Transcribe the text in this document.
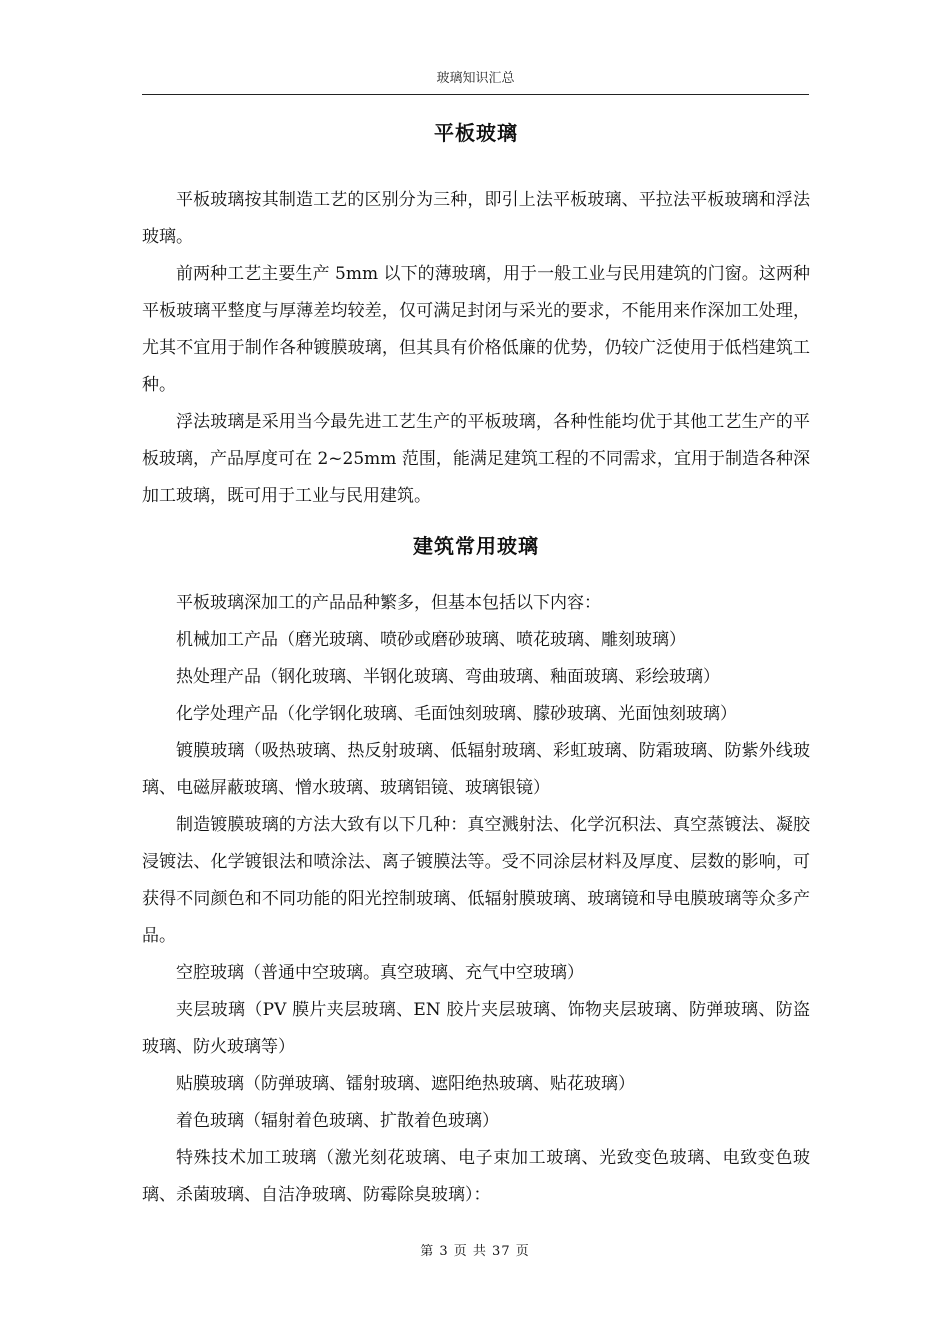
玻璃知识汇总
平板玻璃

平板玻璃按其制造工艺的区别分为三种，即引上法平板玻璃、平拉法平板玻璃和浮法玻璃。

前两种工艺主要生产 5mm 以下的薄玻璃，用于一般工业与民用建筑的门窗。这两种平板玻璃平整度与厚薄差均较差，仅可满足封闭与采光的要求，不能用来作深加工处理，尤其不宜用于制作各种镀膜玻璃，但其具有价格低廉的优势，仍较广泛使用于低档建筑工种。

浮法玻璃是采用当今最先进工艺生产的平板玻璃，各种性能均优于其他工艺生产的平板玻璃，产品厚度可在 2~25mm 范围，能满足建筑工程的不同需求，宜用于制造各种深加工玻璃，既可用于工业与民用建筑。

建筑常用玻璃

平板玻璃深加工的产品品种繁多，但基本包括以下内容：

机械加工产品（磨光玻璃、喷砂或磨砂玻璃、喷花玻璃、雕刻玻璃）

热处理产品（钢化玻璃、半钢化玻璃、弯曲玻璃、釉面玻璃、彩绘玻璃）

化学处理产品（化学钢化玻璃、毛面蚀刻玻璃、朦砂玻璃、光面蚀刻玻璃）

镀膜玻璃（吸热玻璃、热反射玻璃、低辐射玻璃、彩虹玻璃、防霜玻璃、防紫外线玻璃、电磁屏蔽玻璃、憎水玻璃、玻璃铝镜、玻璃银镜）

制造镀膜玻璃的方法大致有以下几种：真空溅射法、化学沉积法、真空蒸镀法、凝胶浸镀法、化学镀银法和喷涂法、离子镀膜法等。受不同涂层材料及厚度、层数的影响，可获得不同颜色和不同功能的阳光控制玻璃、低辐射膜玻璃、玻璃镜和导电膜玻璃等众多产品。

空腔玻璃（普通中空玻璃。真空玻璃、充气中空玻璃）

夹层玻璃（PV 膜片夹层玻璃、EN 胶片夹层玻璃、饰物夹层玻璃、防弹玻璃、防盗玻璃、防火玻璃等）

贴膜玻璃（防弹玻璃、镭射玻璃、遮阳绝热玻璃、贴花玻璃）

着色玻璃（辐射着色玻璃、扩散着色玻璃）

特殊技术加工玻璃（激光刻花玻璃、电子束加工玻璃、光致变色玻璃、电致变色玻璃、杀菌玻璃、自洁净玻璃、防霉除臭玻璃）：

第 3 页 共 37 页
